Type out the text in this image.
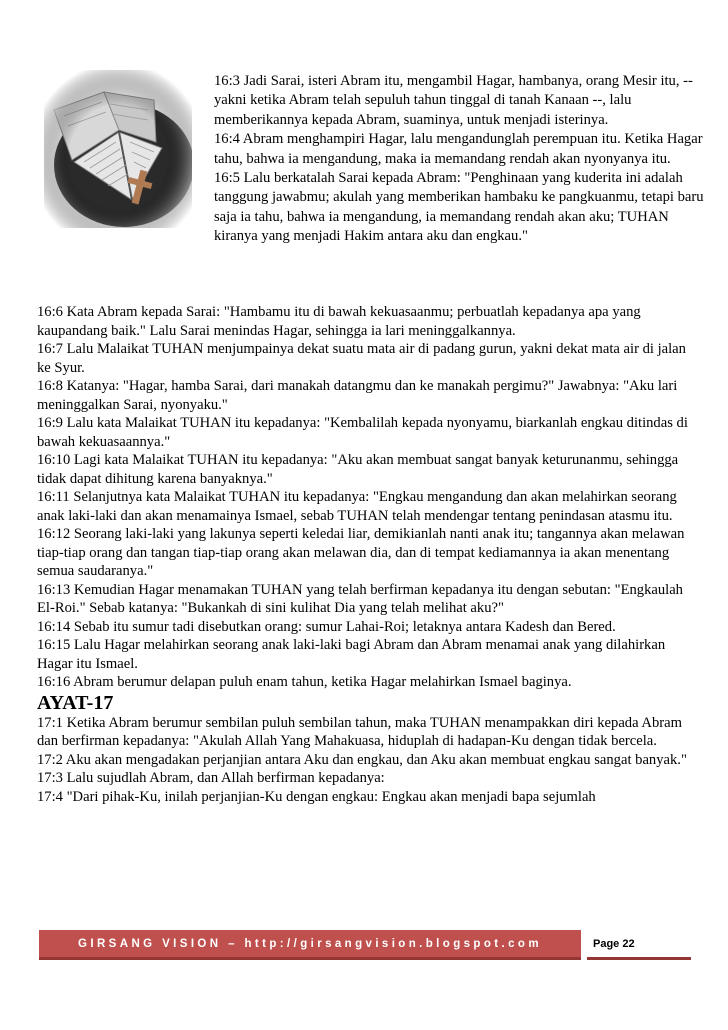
16:3 Jadi Sarai, isteri Abram itu, mengambil Hagar, hambanya, orang Mesir itu, -- yakni ketika Abram telah sepuluh tahun tinggal di tanah Kanaan --, lalu memberikannya kepada Abram, suaminya, untuk menjadi isterinya.

16:4 Abram menghampiri Hagar, lalu mengandunglah perempuan itu. Ketika Hagar tahu, bahwa ia mengandung, maka ia memandang rendah akan nyonyanya itu.

16:5 Lalu berkatalah Sarai kepada Abram: "Penghinaan yang kuderita ini adalah tanggung jawabmu; akulah yang memberikan hambaku ke pangkuanmu, tetapi baru saja ia tahu, bahwa ia mengandung, ia memandang rendah akan aku; TUHAN kiranya yang menjadi Hakim antara aku dan engkau."

16:6 Kata Abram kepada Sarai: "Hambamu itu di bawah kekuasaanmu; perbuatlah kepadanya apa yang kaupandang baik." Lalu Sarai menindas Hagar, sehingga ia lari meninggalkannya.

16:7 Lalu Malaikat TUHAN menjumpainya dekat suatu mata air di padang gurun, yakni dekat mata air di jalan ke Syur.

16:8 Katanya: "Hagar, hamba Sarai, dari manakah datangmu dan ke manakah pergimu?" Jawabnya: "Aku lari meninggalkan Sarai, nyonyaku."

16:9 Lalu kata Malaikat TUHAN itu kepadanya: "Kembalilah kepada nyonyamu, biarkanlah engkau ditindas di bawah kekuasaannya."

16:10 Lagi kata Malaikat TUHAN itu kepadanya: "Aku akan membuat sangat banyak keturunanmu, sehingga tidak dapat dihitung karena banyaknya."

16:11 Selanjutnya kata Malaikat TUHAN itu kepadanya: "Engkau mengandung dan akan melahirkan seorang anak laki-laki dan akan menamainya Ismael, sebab TUHAN telah mendengar tentang penindasan atasmu itu.

16:12 Seorang laki-laki yang lakunya seperti keledai liar, demikianlah nanti anak itu; tangannya akan melawan tiap-tiap orang dan tangan tiap-tiap orang akan melawan dia, dan di tempat kediamannya ia akan menentang semua saudaranya."

16:13 Kemudian Hagar menamakan TUHAN yang telah berfirman kepadanya itu dengan sebutan: "Engkaulah El-Roi." Sebab katanya: "Bukankah di sini kulihat Dia yang telah melihat aku?"

16:14 Sebab itu sumur tadi disebutkan orang: sumur Lahai-Roi; letaknya antara Kadesh dan Bered.

16:15 Lalu Hagar melahirkan seorang anak laki-laki bagi Abram dan Abram menamai anak yang dilahirkan Hagar itu Ismael.

16:16 Abram berumur delapan puluh enam tahun, ketika Hagar melahirkan Ismael baginya.

AYAT-17

17:1 Ketika Abram berumur sembilan puluh sembilan tahun, maka TUHAN menampakkan diri kepada Abram dan berfirman kepadanya: "Akulah Allah Yang Mahakuasa, hiduplah di hadapan-Ku dengan tidak bercela.

17:2 Aku akan mengadakan perjanjian antara Aku dan engkau, dan Aku akan membuat engkau sangat banyak."

17:3 Lalu sujudlah Abram, dan Allah berfirman kepadanya:

17:4 "Dari pihak-Ku, inilah perjanjian-Ku dengan engkau: Engkau akan menjadi bapa sejumlah

GIRSANG VISION – http://girsangvision.blogspot.com	Page 22
